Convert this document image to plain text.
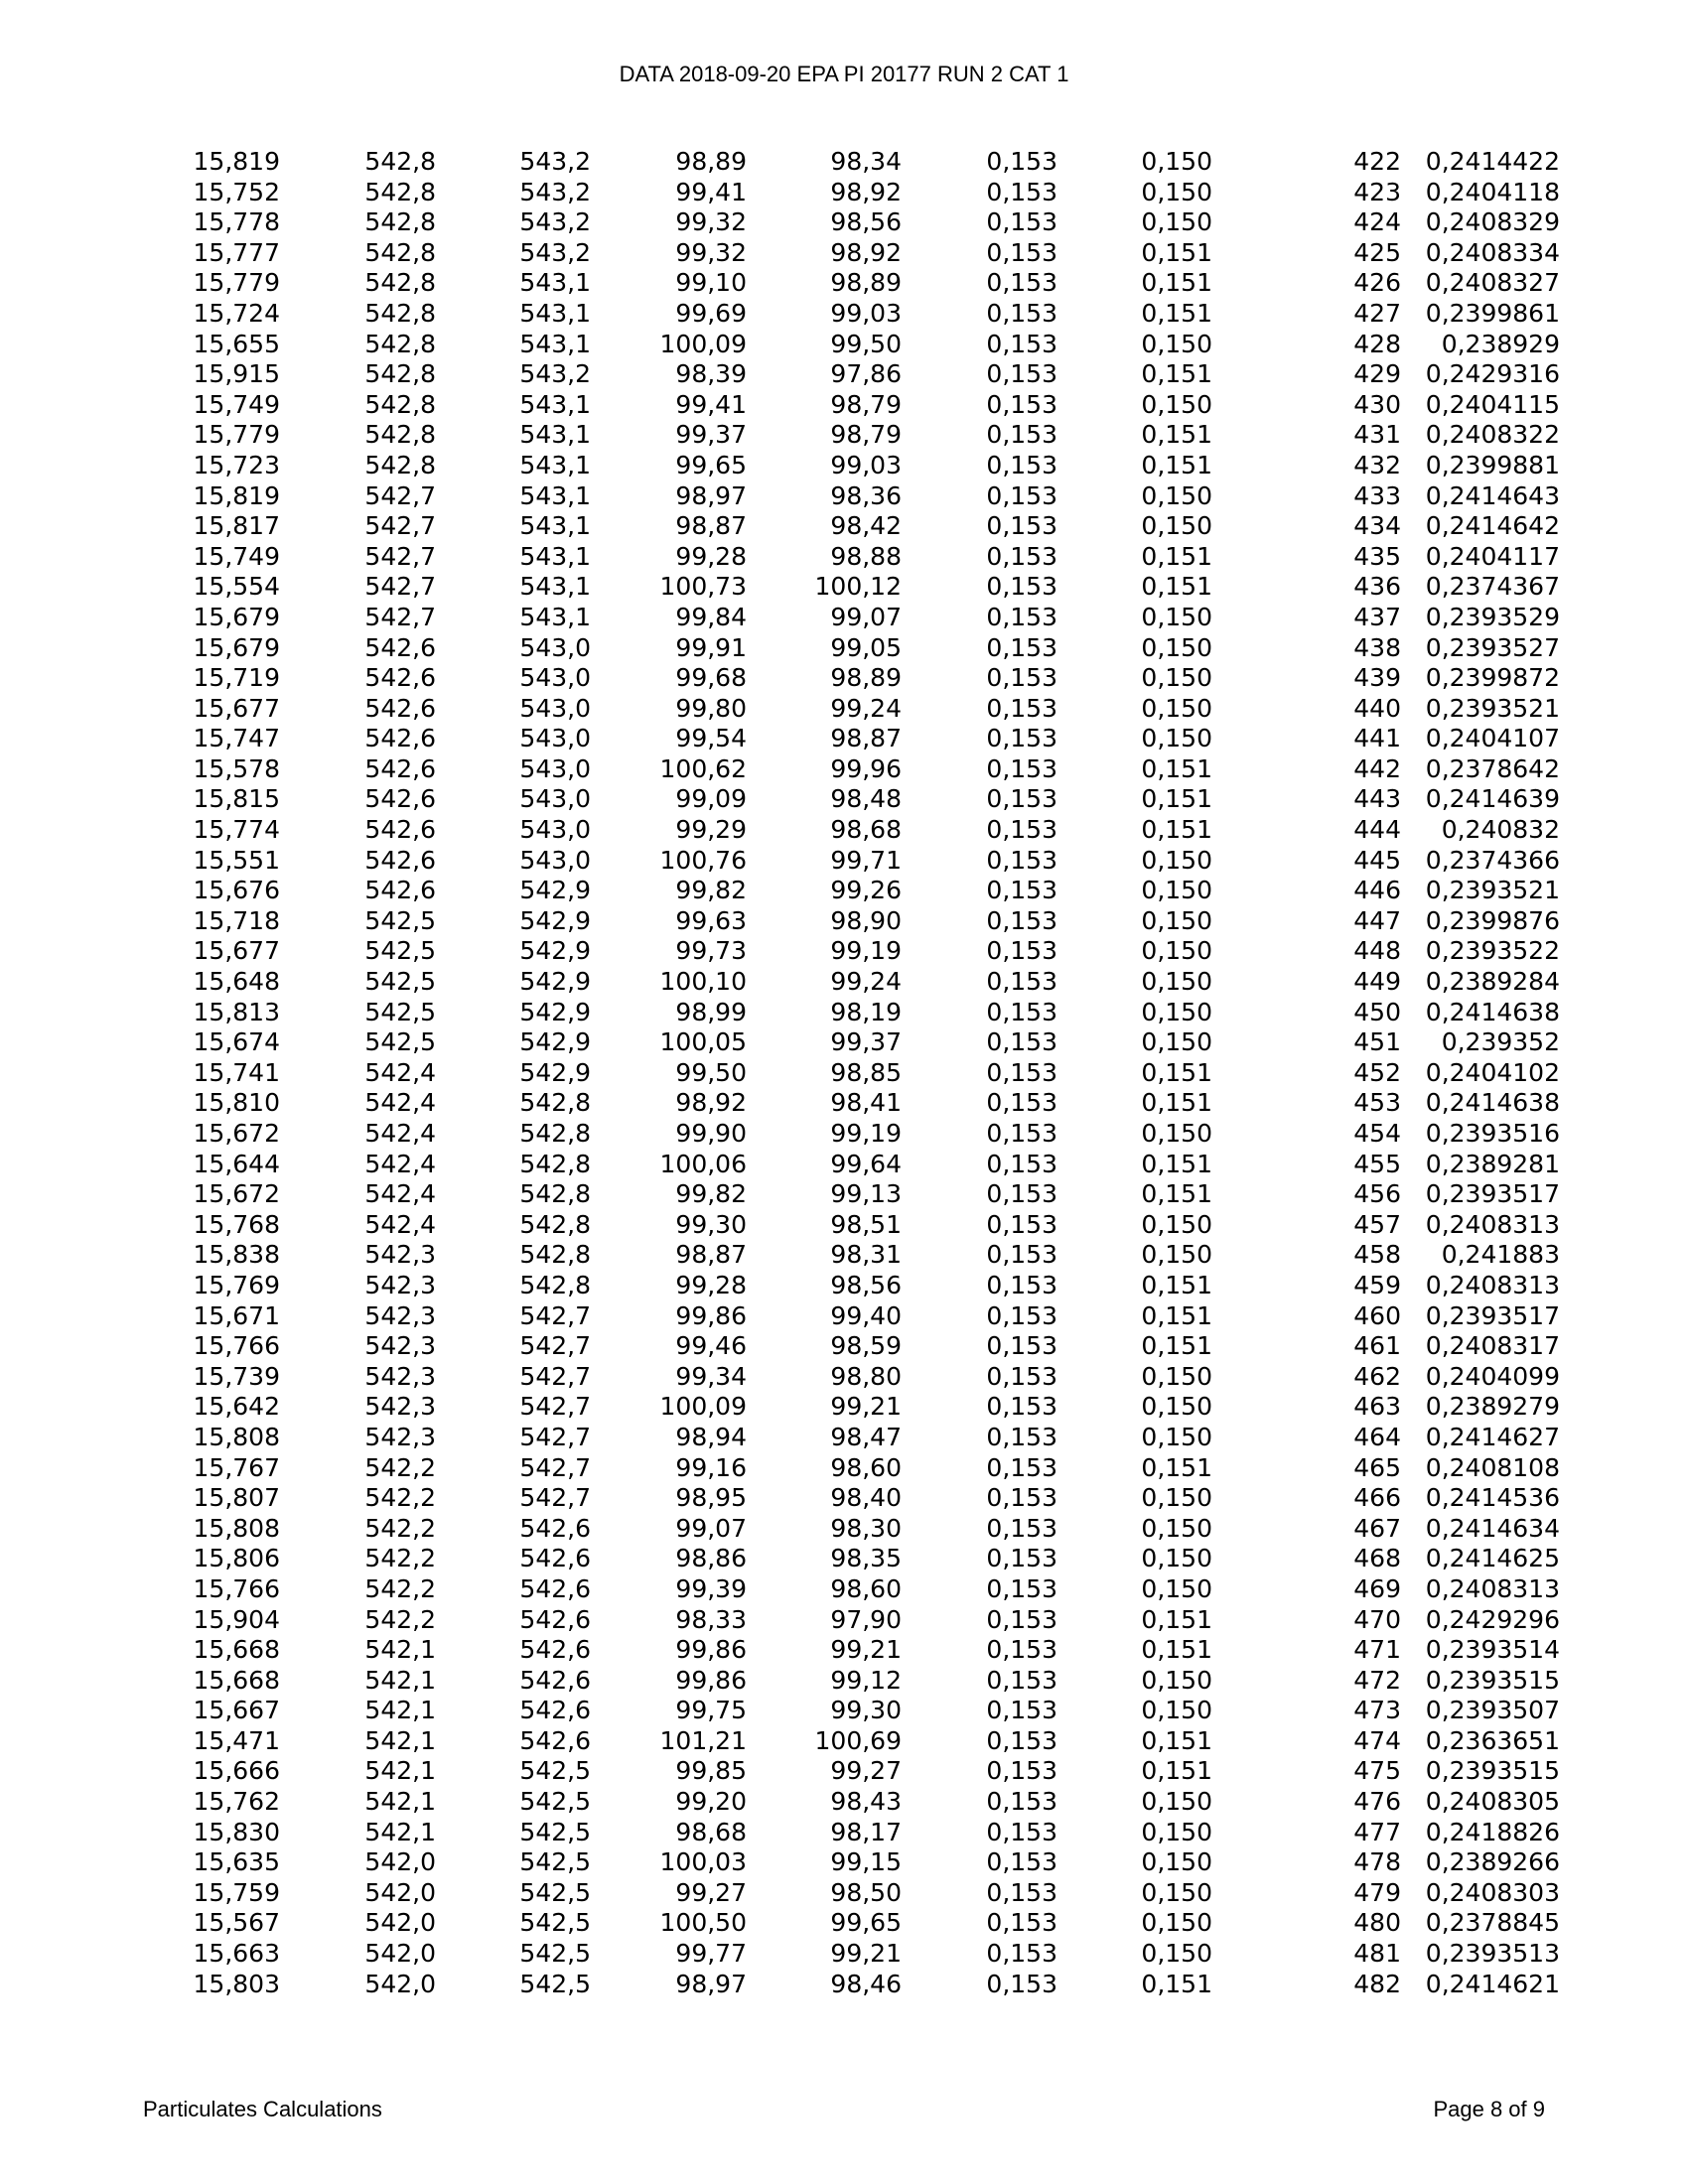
DATA 2018-09-20 EPA PI 20177 RUN 2 CAT 1
15,819	542,8	543,2	98,89	98,34	0,153	0,150	422	0,2414422
15,752	542,8	543,2	99,41	98,92	0,153	0,150	423	0,2404118
15,778	542,8	543,2	99,32	98,56	0,153	0,150	424	0,2408329
15,777	542,8	543,2	99,32	98,92	0,153	0,151	425	0,2408334
15,779	542,8	543,1	99,10	98,89	0,153	0,151	426	0,2408327
15,724	542,8	543,1	99,69	99,03	0,153	0,151	427	0,2399861
15,655	542,8	543,1	100,09	99,50	0,153	0,150	428	0,238929
15,915	542,8	543,2	98,39	97,86	0,153	0,151	429	0,2429316
15,749	542,8	543,1	99,41	98,79	0,153	0,150	430	0,2404115
15,779	542,8	543,1	99,37	98,79	0,153	0,151	431	0,2408322
15,723	542,8	543,1	99,65	99,03	0,153	0,151	432	0,2399881
15,819	542,7	543,1	98,97	98,36	0,153	0,150	433	0,2414643
15,817	542,7	543,1	98,87	98,42	0,153	0,150	434	0,2414642
15,749	542,7	543,1	99,28	98,88	0,153	0,151	435	0,2404117
15,554	542,7	543,1	100,73	100,12	0,153	0,151	436	0,2374367
15,679	542,7	543,1	99,84	99,07	0,153	0,150	437	0,2393529
15,679	542,6	543,0	99,91	99,05	0,153	0,150	438	0,2393527
15,719	542,6	543,0	99,68	98,89	0,153	0,150	439	0,2399872
15,677	542,6	543,0	99,80	99,24	0,153	0,150	440	0,2393521
15,747	542,6	543,0	99,54	98,87	0,153	0,150	441	0,2404107
15,578	542,6	543,0	100,62	99,96	0,153	0,151	442	0,2378642
15,815	542,6	543,0	99,09	98,48	0,153	0,151	443	0,2414639
15,774	542,6	543,0	99,29	98,68	0,153	0,151	444	0,240832
15,551	542,6	543,0	100,76	99,71	0,153	0,150	445	0,2374366
15,676	542,6	542,9	99,82	99,26	0,153	0,150	446	0,2393521
15,718	542,5	542,9	99,63	98,90	0,153	0,150	447	0,2399876
15,677	542,5	542,9	99,73	99,19	0,153	0,150	448	0,2393522
15,648	542,5	542,9	100,10	99,24	0,153	0,150	449	0,2389284
15,813	542,5	542,9	98,99	98,19	0,153	0,150	450	0,2414638
15,674	542,5	542,9	100,05	99,37	0,153	0,150	451	0,239352
15,741	542,4	542,9	99,50	98,85	0,153	0,151	452	0,2404102
15,810	542,4	542,8	98,92	98,41	0,153	0,151	453	0,2414638
15,672	542,4	542,8	99,90	99,19	0,153	0,150	454	0,2393516
15,644	542,4	542,8	100,06	99,64	0,153	0,151	455	0,2389281
15,672	542,4	542,8	99,82	99,13	0,153	0,151	456	0,2393517
15,768	542,4	542,8	99,30	98,51	0,153	0,150	457	0,2408313
15,838	542,3	542,8	98,87	98,31	0,153	0,150	458	0,241883
15,769	542,3	542,8	99,28	98,56	0,153	0,151	459	0,2408313
15,671	542,3	542,7	99,86	99,40	0,153	0,151	460	0,2393517
15,766	542,3	542,7	99,46	98,59	0,153	0,151	461	0,2408317
15,739	542,3	542,7	99,34	98,80	0,153	0,150	462	0,2404099
15,642	542,3	542,7	100,09	99,21	0,153	0,150	463	0,2389279
15,808	542,3	542,7	98,94	98,47	0,153	0,150	464	0,2414627
15,767	542,2	542,7	99,16	98,60	0,153	0,151	465	0,2408108
15,807	542,2	542,7	98,95	98,40	0,153	0,150	466	0,2414536
15,808	542,2	542,6	99,07	98,30	0,153	0,150	467	0,2414634
15,806	542,2	542,6	98,86	98,35	0,153	0,150	468	0,2414625
15,766	542,2	542,6	99,39	98,60	0,153	0,150	469	0,2408313
15,904	542,2	542,6	98,33	97,90	0,153	0,151	470	0,2429296
15,668	542,1	542,6	99,86	99,21	0,153	0,151	471	0,2393514
15,668	542,1	542,6	99,86	99,12	0,153	0,150	472	0,2393515
15,667	542,1	542,6	99,75	99,30	0,153	0,150	473	0,2393507
15,471	542,1	542,6	101,21	100,69	0,153	0,151	474	0,2363651
15,666	542,1	542,5	99,85	99,27	0,153	0,151	475	0,2393515
15,762	542,1	542,5	99,20	98,43	0,153	0,150	476	0,2408305
15,830	542,1	542,5	98,68	98,17	0,153	0,150	477	0,2418826
15,635	542,0	542,5	100,03	99,15	0,153	0,150	478	0,2389266
15,759	542,0	542,5	99,27	98,50	0,153	0,150	479	0,2408303
15,567	542,0	542,5	100,50	99,65	0,153	0,150	480	0,2378845
15,663	542,0	542,5	99,77	99,21	0,153	0,150	481	0,2393513
15,803	542,0	542,5	98,97	98,46	0,153	0,151	482	0,2414621
Particulates Calculations	Page 8 of 9
